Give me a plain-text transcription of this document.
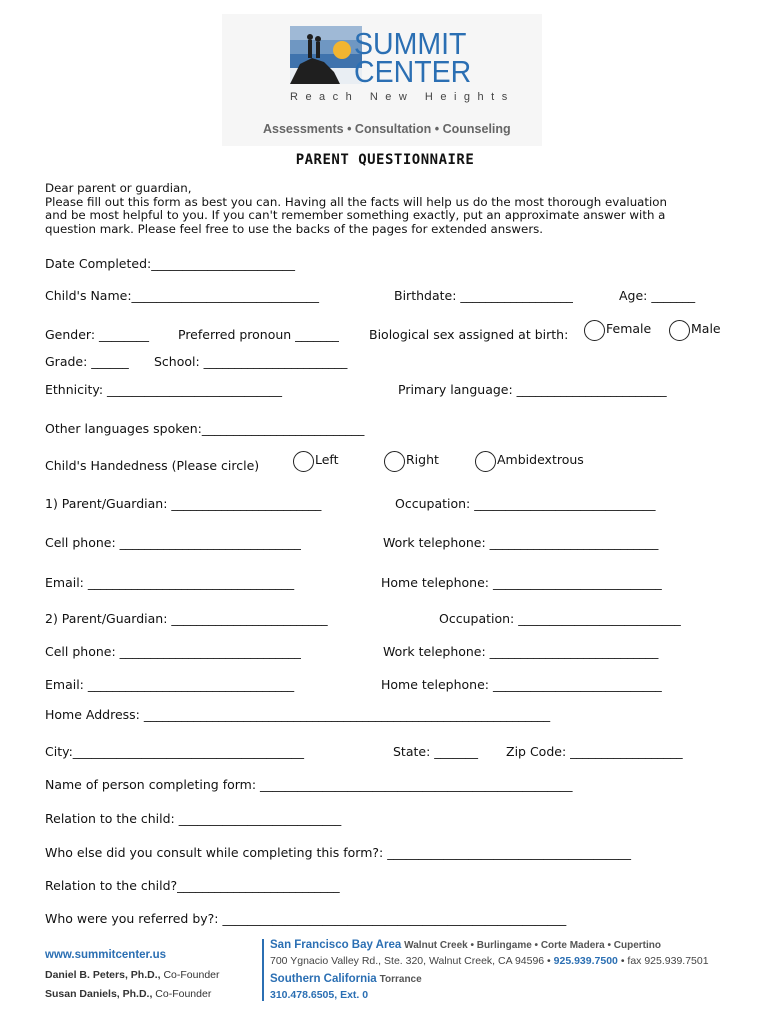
SUMMIT
CENTER
Reach New Heights
Assessments • Consultation • Counseling
PARENT QUESTIONNAIRE
Dear parent or guardian,
Please fill out this form as best you can. Having all the facts will help us do the most thorough evaluation
and be most helpful to you. If you can't remember something exactly, put an approximate answer with a
question mark. Please feel free to use the backs of the pages for extended answers.
Date Completed:_______________________
Child's Name:______________________________	Birthdate: __________________	Age: _______
Gender: ________ Preferred pronoun _______ Biological sex assigned at birth:	Female	Male
Grade: ______ School: _______________________
Ethnicity: ____________________________	Primary language: ________________________
Other languages spoken:__________________________
Child's Handedness (Please circle)	Left	Right	Ambidextrous
1) Parent/Guardian: ________________________	Occupation: _____________________________
Cell phone: _____________________________	Work telephone: ___________________________
Email: _________________________________	Home telephone: ___________________________
2) Parent/Guardian: _________________________	Occupation: __________________________
Cell phone: _____________________________	Work telephone: ___________________________
Email: _________________________________	Home telephone: ___________________________
Home Address: _________________________________________________________________
City:_____________________________________	State: _______ Zip Code: __________________
Name of person completing form: __________________________________________________
Relation to the child: __________________________
Who else did you consult while completing this form?: _______________________________________
Relation to the child?__________________________
Who were you referred by?: _______________________________________________________
www.summitcenter.us
Daniel B. Peters, Ph.D., Co-Founder
Susan Daniels, Ph.D., Co-Founder
San Francisco Bay Area Walnut Creek • Burlingame • Corte Madera • Cupertino
700 Ygnacio Valley Rd., Ste. 320, Walnut Creek, CA 94596 • 925.939.7500 • fax 925.939.7501
Southern California Torrance
310.478.6505, Ext. 0
